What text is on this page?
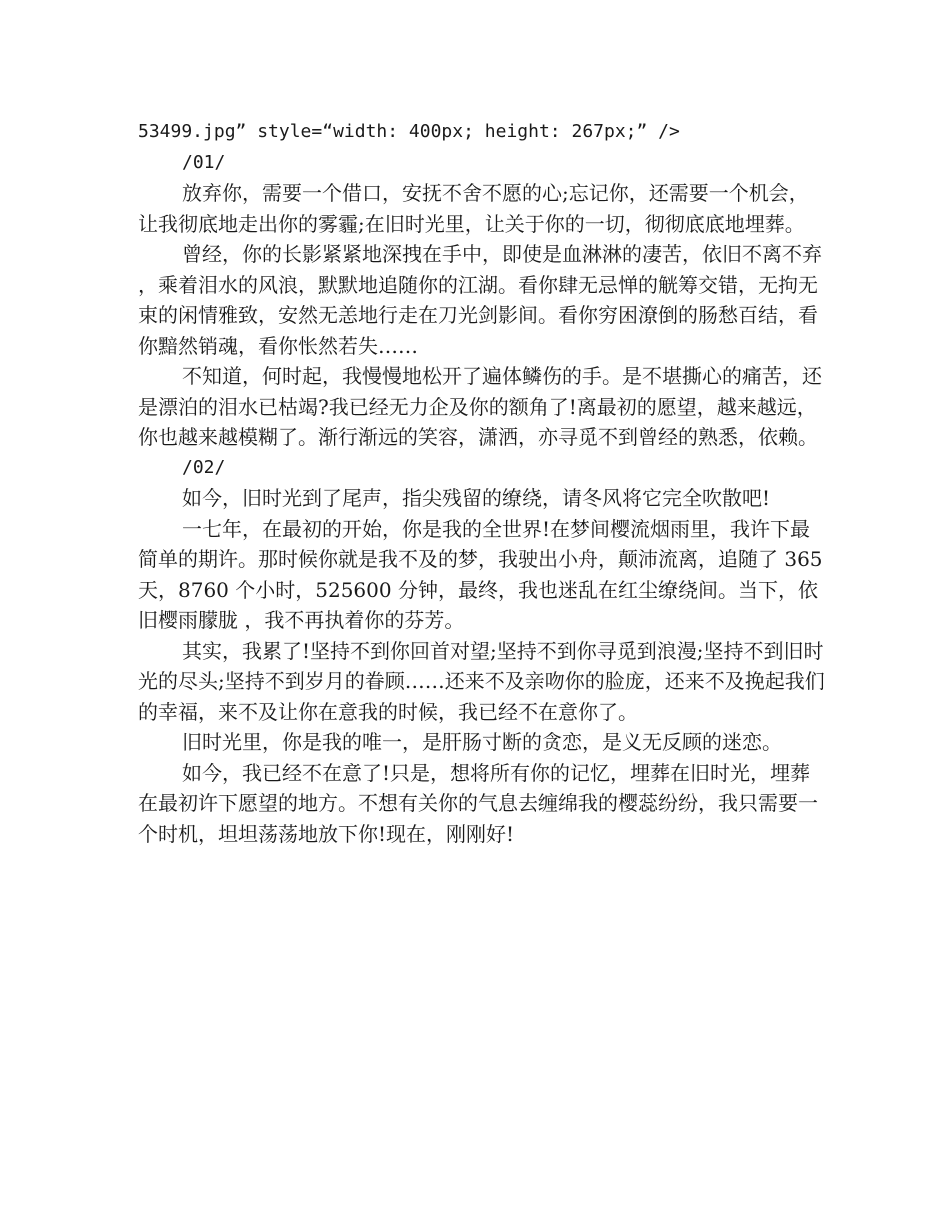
53499.jpg” style=“width: 400px; height: 267px;” />

/01/

放弃你，需要一个借口，安抚不舍不愿的心;忘记你，还需要一个机会，让我彻底地走出你的雾霾;在旧时光里，让关于你的一切，彻彻底底地埋葬。

曾经，你的长影紧紧地深拽在手中，即使是血淋淋的凄苦，依旧不离不弃，乘着泪水的风浪，默默地追随你的江湖。看你肆无忌惮的觥筹交错，无拘无束的闲情雅致，安然无恙地行走在刀光剑影间。看你穷困潦倒的肠愁百结，看你黯然销魂，看你怅然若失……

不知道，何时起，我慢慢地松开了遍体鳞伤的手。是不堪撕心的痛苦，还是漂泊的泪水已枯竭?我已经无力企及你的额角了!离最初的愿望，越来越远，你也越来越模糊了。渐行渐远的笑容，潇洒，亦寻觅不到曾经的熟悉，依赖。

/02/

如今，旧时光到了尾声，指尖残留的缭绕，请冬风将它完全吹散吧!

一七年，在最初的开始，你是我的全世界!在梦间樱流烟雨里，我许下最简单的期许。那时候你就是我不及的梦，我驶出小舟，颠沛流离，追随了 365 天，8760 个小时，525600 分钟，最终，我也迷乱在红尘缭绕间。当下，依旧樱雨朦胧 ，我不再执着你的芬芳。

其实，我累了!坚持不到你回首对望;坚持不到你寻觅到浪漫;坚持不到旧时光的尽头;坚持不到岁月的眷顾……还来不及亲吻你的脸庞，还来不及挽起我们的幸福，来不及让你在意我的时候，我已经不在意你了。

旧时光里，你是我的唯一，是肝肠寸断的贪恋，是义无反顾的迷恋。

如今，我已经不在意了!只是，想将所有你的记忆，埋葬在旧时光，埋葬在最初许下愿望的地方。不想有关你的气息去缠绵我的樱蕊纷纷，我只需要一个时机，坦坦荡荡地放下你!现在，刚刚好!
